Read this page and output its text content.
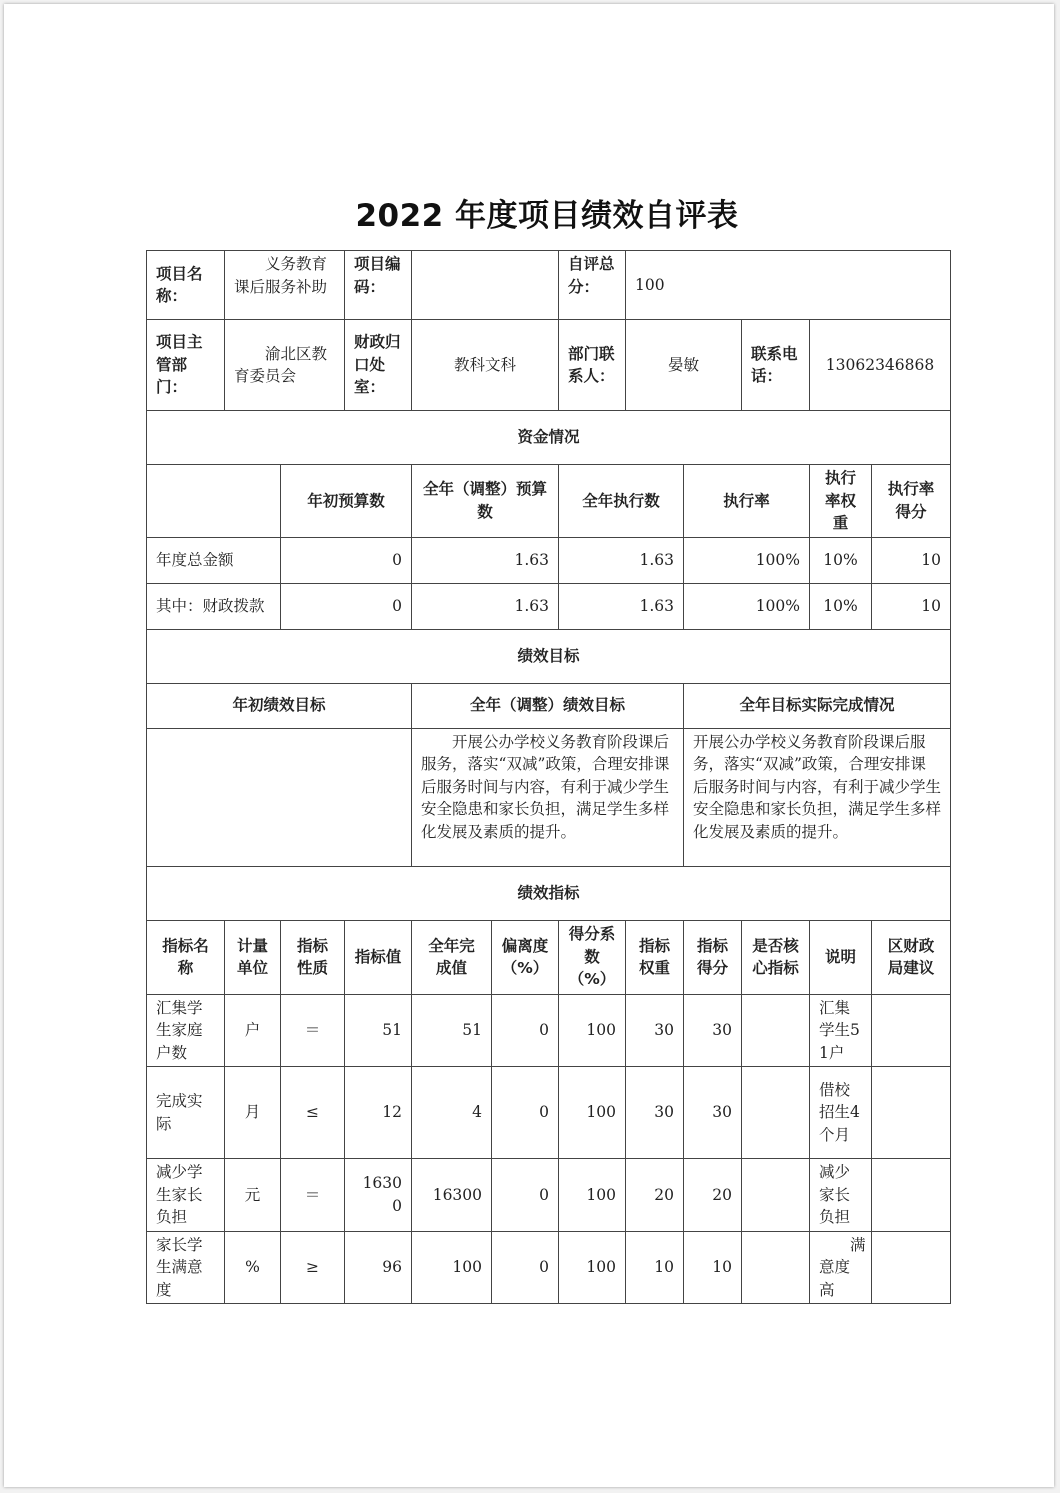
2022 年度项目绩效自评表
项目名称：	义务教育课后服务补助		项目编码：			自评总分：	100				
项目主管部门：	渝北区教育委员会		财政归口处室：	教科文科		部门联系人：	晏敏		联系电话：	13062346868	
资金情况											
		年初预算数		全年（调整）预算数		全年执行数		执行率		执行率权重	执行率得分
年度总金额		0		1.63		1.63		100%		10%	10
其中：财政拨款		0		1.63		1.63		100%		10%	10
绩效目标											
年初绩效目标				全年（调整）绩效目标				全年目标实际完成情况			
				开展公办学校义务教育阶段课后服务，落实“双减”政策，合理安排课后服务时间与内容，有利于减少学生安全隐患和家长负担，满足学生多样化发展及素质的提升。				开展公办学校义务教育阶段课后服务，落实“双减”政策，合理安排课后服务时间与内容，有利于减少学生安全隐患和家长负担，满足学生多样化发展及素质的提升。			
绩效指标											
指标名称	计量单位	指标性质	指标值	全年完成值	偏离度（%）	得分系数（%）	指标权重	指标得分	是否核心指标	说明	区财政局建议
汇集学生家庭户数	户	＝	51	51	0	100	30	30		汇集学生51户	
完成实际	月	≤	12	4	0	100	30	30		借校招生4个月	
减少学生家长负担	元	＝	16300	16300	0	100	20	20		减少家长负担	
家长学生满意度	%	≥	96	100	0	100	10	10		满意度高	
